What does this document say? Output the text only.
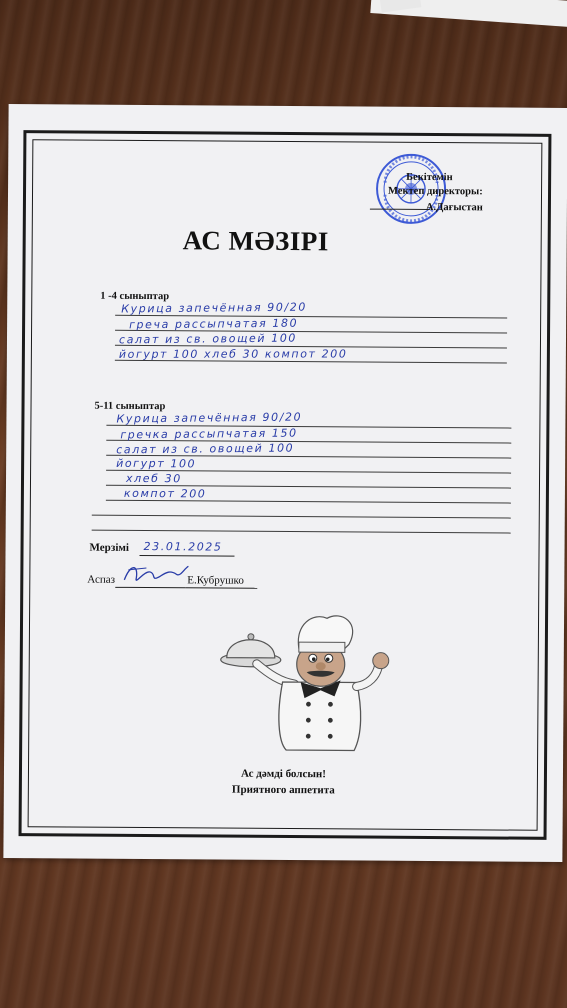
Бекітемін
Мектеп директоры:
А.Дағыстан
АС МӘЗІРІ
1 -4 сыныптар
Курица запечённая 90/20
греча рассыпчатая 180
салат из св. овощей 100
йогурт 100 хлеб 30 компот 200
5-11 сыныптар
Курица запечённая 90/20
гречка рассыпчатая 150
салат из св. овощей 100
йогурт 100
хлеб 30
компот 200
Мерзімі 23.01.2025
Аспаз	Е.Кубрушко
Ас дәмді болсын!
Приятного аппетита
